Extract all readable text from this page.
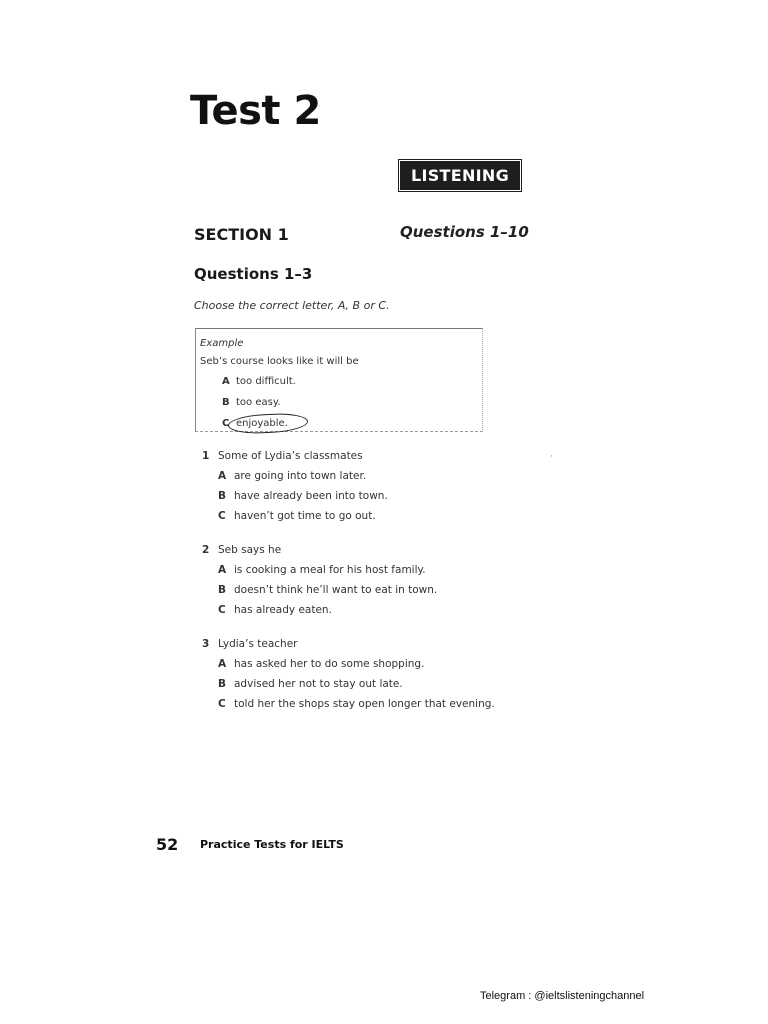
Test 2
LISTENING
SECTION 1	Questions 1–10
Questions 1–3
Choose the correct letter, A, B or C.
Example
Seb’s course looks like it will be
A too difficult.
B too easy.
C enjoyable.
·
1 Some of Lydia’s classmates
A are going into town later.
B have already been into town.
C haven’t got time to go out.
2 Seb says he
A is cooking a meal for his host family.
B doesn’t think he’ll want to eat in town.
C has already eaten.
3 Lydia’s teacher
A has asked her to do some shopping.
B advised her not to stay out late.
C told her the shops stay open longer that evening.
52 Practice Tests for IELTS
Telegram : @ieltslisteningchannel
